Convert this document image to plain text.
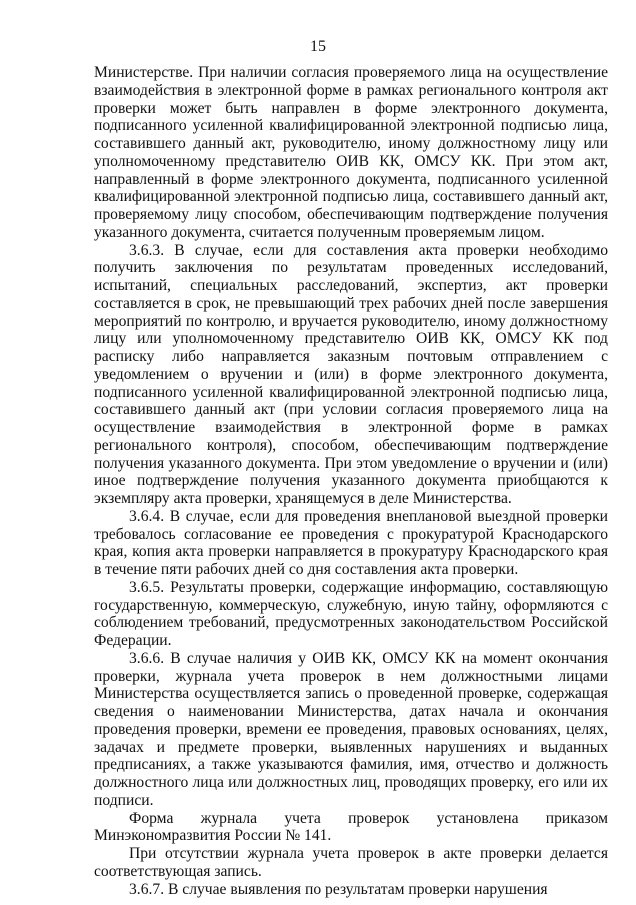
15

Министерстве. При наличии согласия проверяемого лица на осуществление взаимодействия в электронной форме в рамках регионального контроля акт проверки может быть направлен в форме электронного документа, подписанного усиленной квалифицированной электронной подписью лица, составившего данный акт, руководителю, иному должностному лицу или уполномоченному представителю ОИВ КК, ОМСУ КК. При этом акт, направленный в форме электронного документа, подписанного усиленной квалифицированной электронной подписью лица, составившего данный акт, проверяемому лицу способом, обеспечивающим подтверждение получения указанного документа, считается полученным проверяемым лицом.

3.6.3. В случае, если для составления акта проверки необходимо получить заключения по результатам проведенных исследований, испытаний, специальных расследований, экспертиз, акт проверки составляется в срок, не превышающий трех рабочих дней после завершения мероприятий по контролю, и вручается руководителю, иному должностному лицу или уполномоченному представителю ОИВ КК, ОМСУ КК под расписку либо направляется заказным почтовым отправлением с уведомлением о вручении и (или) в форме электронного документа, подписанного усиленной квалифицированной электронной подписью лица, составившего данный акт (при условии согласия проверяемого лица на осуществление взаимодействия в электронной форме в рамках регионального контроля), способом, обеспечивающим подтверждение получения указанного документа. При этом уведомление о вручении и (или) иное подтверждение получения указанного документа приобщаются к экземпляру акта проверки, хранящемуся в деле Министерства.

3.6.4. В случае, если для проведения внеплановой выездной проверки требовалось согласование ее проведения с прокуратурой Краснодарского края, копия акта проверки направляется в прокуратуру Краснодарского края в течение пяти рабочих дней со дня составления акта проверки.

3.6.5. Результаты проверки, содержащие информацию, составляющую государственную, коммерческую, служебную, иную тайну, оформляются с соблюдением требований, предусмотренных законодательством Российской Федерации.

3.6.6. В случае наличия у ОИВ КК, ОМСУ КК на момент окончания проверки, журнала учета проверок в нем должностными лицами Министерства осуществляется запись о проведенной проверке, содержащая сведения о наименовании Министерства, датах начала и окончания проведения проверки, времени ее проведения, правовых основаниях, целях, задачах и предмете проверки, выявленных нарушениях и выданных предписаниях, а также указываются фамилия, имя, отчество и должность должностного лица или должностных лиц, проводящих проверку, его или их подписи.

Форма журнала учета проверок установлена приказом

Минэкономразвития России № 141.

При отсутствии журнала учета проверок в акте проверки делается соответствующая запись.

3.6.7. В случае выявления по результатам проверки нарушения
